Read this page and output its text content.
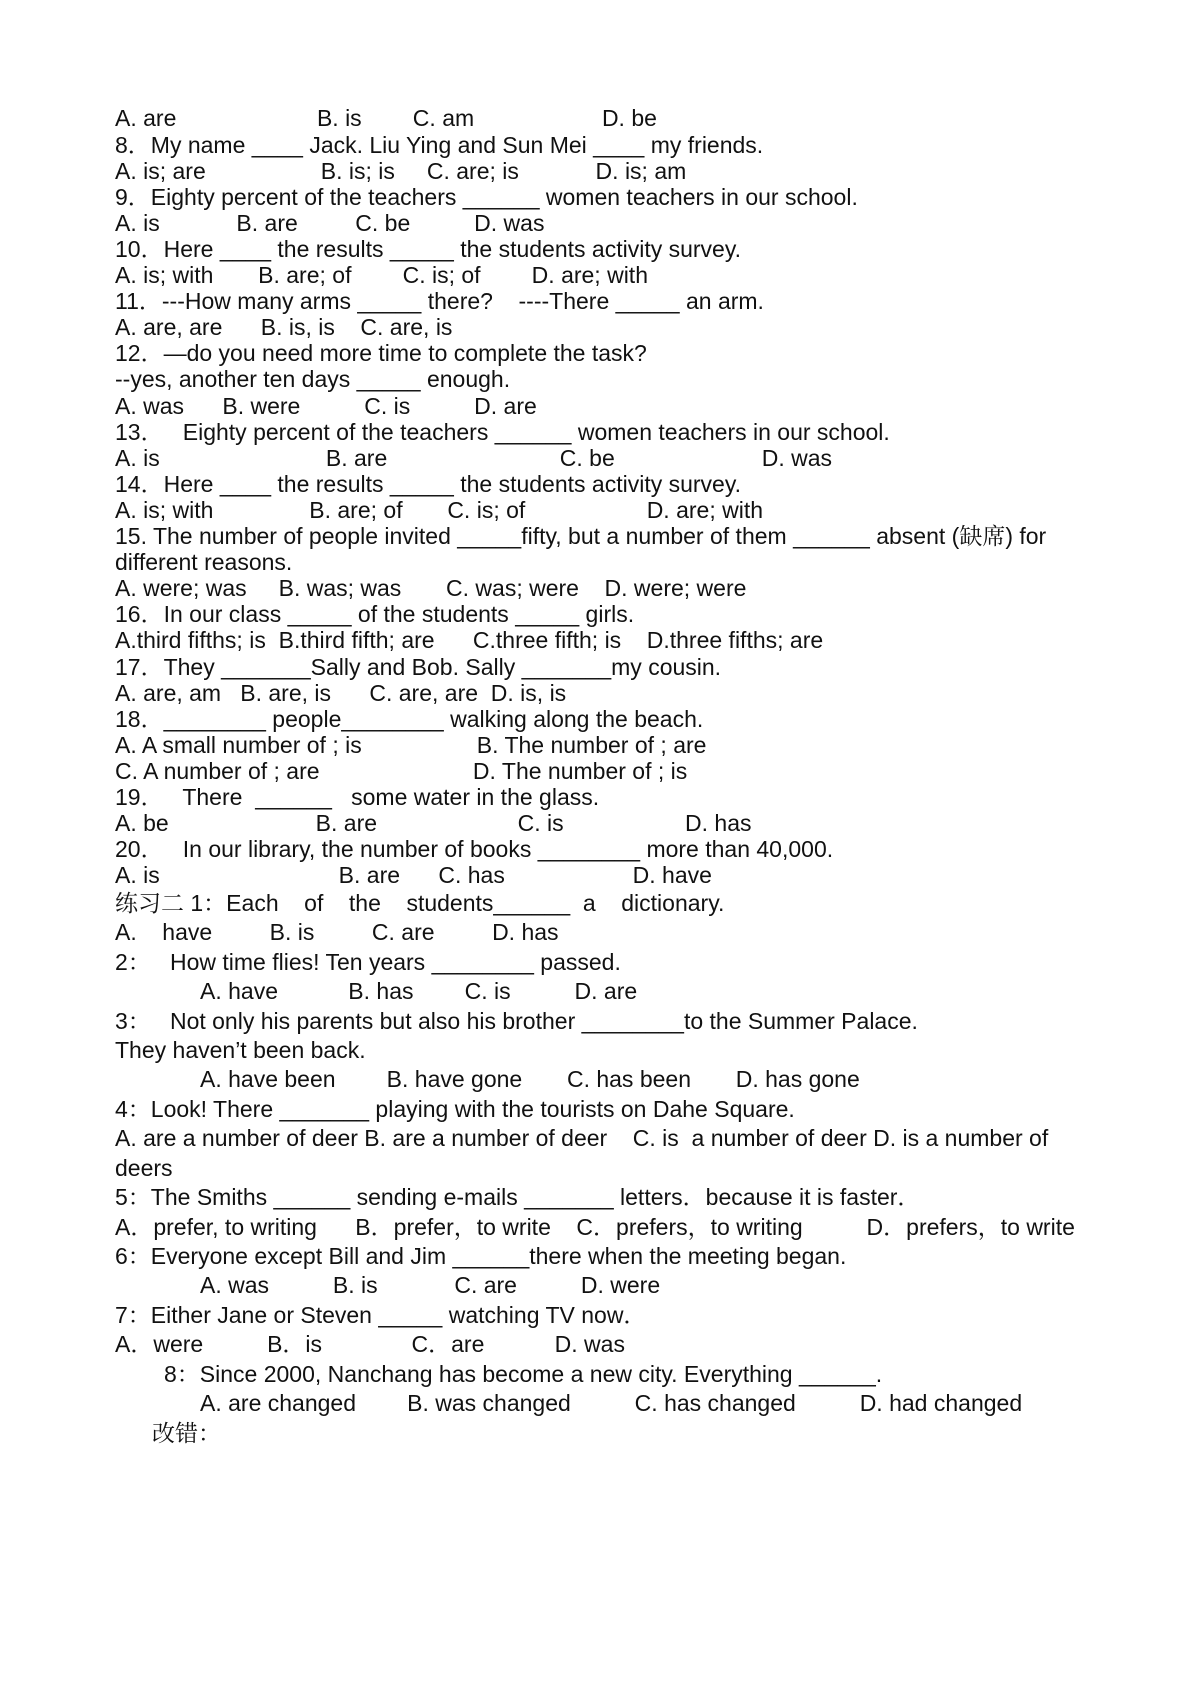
A. are                      B. is        C. am                    D. be
8．My name ____ Jack. Liu Ying and Sun Mei ____ my friends.
A. is; are                  B. is; is     C. are; is            D. is; am
9．Eighty percent of the teachers ______ women teachers in our school.
A. is            B. are         C. be          D. was
10．Here ____ the results _____ the students activity survey.
A. is; with       B. are; of        C. is; of        D. are; with
11．---How many arms _____ there?    ----There _____ an arm.
A. are, are      B. is, is    C. are, is
12．—do you need more time to complete the task?
--yes, another ten days _____ enough.
A. was      B. were          C. is          D. are
13．   Eighty percent of the teachers ______ women teachers in our school.
A. is                          B. are                           C. be                       D. was
14．Here ____ the results _____ the students activity survey.
A. is; with               B. are; of       C. is; of                   D. are; with
15. The number of people invited _____fifty, but a number of them ______ absent (缺席) for
different reasons.
A. were; was     B. was; was       C. was; were    D. were; were
16．In our class _____ of the students _____ girls.
A.third fifths; is  B.third fifth; are      C.three fifth; is    D.three fifths; are
17．They _______Sally and Bob. Sally _______my cousin.
A. are, am   B. are, is      C. are, are  D. is, is
18．________ people________ walking along the beach.
A. A small number of ; is                  B. The number of ; are
C. A number of ; are                        D. The number of ; is
19．   There  ______   some water in the glass.
A. be                       B. are                      C. is                   D. has
20．   In our library, the number of books ________ more than 40,000.
A. is                            B. are      C. has                    D. have
练习二 1：Each    of    the    students______  a    dictionary.
A.    have         B. is         C. are         D. has
2：   How time flies! Ten years ________ passed.
A. have           B. has        C. is          D. are
3：   Not only his parents but also his brother ________to the Summer Palace.
They haven’t been back.
A. have been        B. have gone       C. has been       D. has gone
4：Look! There _______ playing with the tourists on Dahe Square.
A. are a number of deer B. are a number of deer    C. is  a number of deer D. is a number of
deers
5：The Smiths ______ sending e-mails _______ letters．because it is faster．
A．prefer, to writing      B．prefer，to write    C．prefers，to writing          D．prefers，to write
6：Everyone except Bill and Jim ______there when the meeting began.
A. was          B. is            C. are          D. were
7：Either Jane or Steven _____ watching TV now．
A．were          B．is              C．are           D. was
8：Since 2000, Nanchang has become a new city. Everything ______.
A. are changed        B. was changed          C. has changed          D. had changed
改错：
